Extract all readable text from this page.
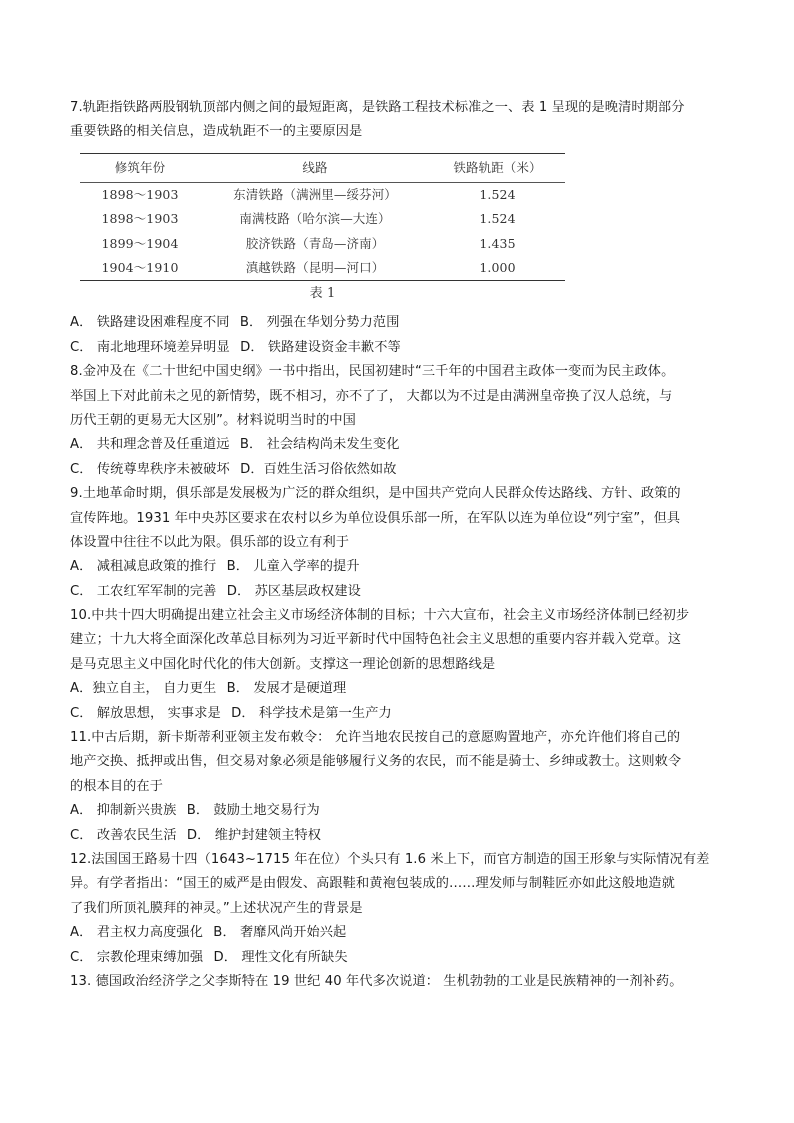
7.轨距指铁路两股钢轨顶部内侧之间的最短距离，是铁路工程技术标准之一、表 1 呈现的是晚清时期部分
重要铁路的相关信息，造成轨距不一的主要原因是
修筑年份	线路	铁路轨距（米）
1898～1903	东清铁路（满洲里—绥芬河）	1.524
1898～1903	南满枝路（哈尔滨—大连）	1.524
1899～1904	胶济铁路（青岛—济南）	1.435
1904～1910	滇越铁路（昆明—河口）	1.000
表 1
A． 铁路建设困难程度不同 B． 列强在华划分势力范围
C． 南北地理环境差异明显 D． 铁路建设资金丰歉不等
8.金冲及在《二十世纪中国史纲》一书中指出，民国初建时“三千年的中国君主政体一变而为民主政体。
举国上下对此前未之见的新情势，既不相习，亦不了了， 大都以为不过是由满洲皇帝换了汉人总统，与
历代王朝的更易无大区别”。材料说明当时的中国
A． 共和理念普及任重道远 B． 社会结构尚未发生变化
C． 传统尊卑秩序未被破坏 D．百姓生活习俗依然如故
9.土地革命时期，俱乐部是发展极为广泛的群众组织，是中国共产党向人民群众传达路线、方针、政策的
宣传阵地。1931 年中央苏区要求在农村以乡为单位设俱乐部一所，在军队以连为单位设“列宁室”，但具
体设置中往往不以此为限。俱乐部的设立有利于
A． 减租减息政策的推行 B． 儿童入学率的提升
C． 工农红军军制的完善 D． 苏区基层政权建设
10.中共十四大明确提出建立社会主义市场经济体制的目标；十六大宣布，社会主义市场经济体制已经初步
建立；十九大将全面深化改革总目标列为习近平新时代中国特色社会主义思想的重要内容并载入党章。这
是马克思主义中国化时代化的伟大创新。支撑这一理论创新的思想路线是
A．独立自主， 自力更生 B． 发展才是硬道理
C． 解放思想， 实事求是 D． 科学技术是第一生产力
11.中古后期，新卡斯蒂利亚领主发布敕令： 允许当地农民按自己的意愿购置地产，亦允许他们将自己的
地产交换、抵押或出售，但交易对象必须是能够履行义务的农民，而不能是骑士、乡绅或教士。这则敕令
的根本目的在于
A． 抑制新兴贵族 B． 鼓励土地交易行为
C． 改善农民生活 D． 维护封建领主特权
12.法国国王路易十四（1643~1715 年在位）个头只有 1.6 米上下，而官方制造的国王形象与实际情况有差
异。有学者指出：“国王的威严是由假发、高跟鞋和黄袍包装成的……理发师与制鞋匠亦如此这般地造就
了我们所顶礼膜拜的神灵。”上述状况产生的背景是
A． 君主权力高度强化 B． 奢靡风尚开始兴起
C． 宗教伦理束缚加强 D． 理性文化有所缺失
13. 德国政治经济学之父李斯特在 19 世纪 40 年代多次说道： 生机勃勃的工业是民族精神的一剂补药。
